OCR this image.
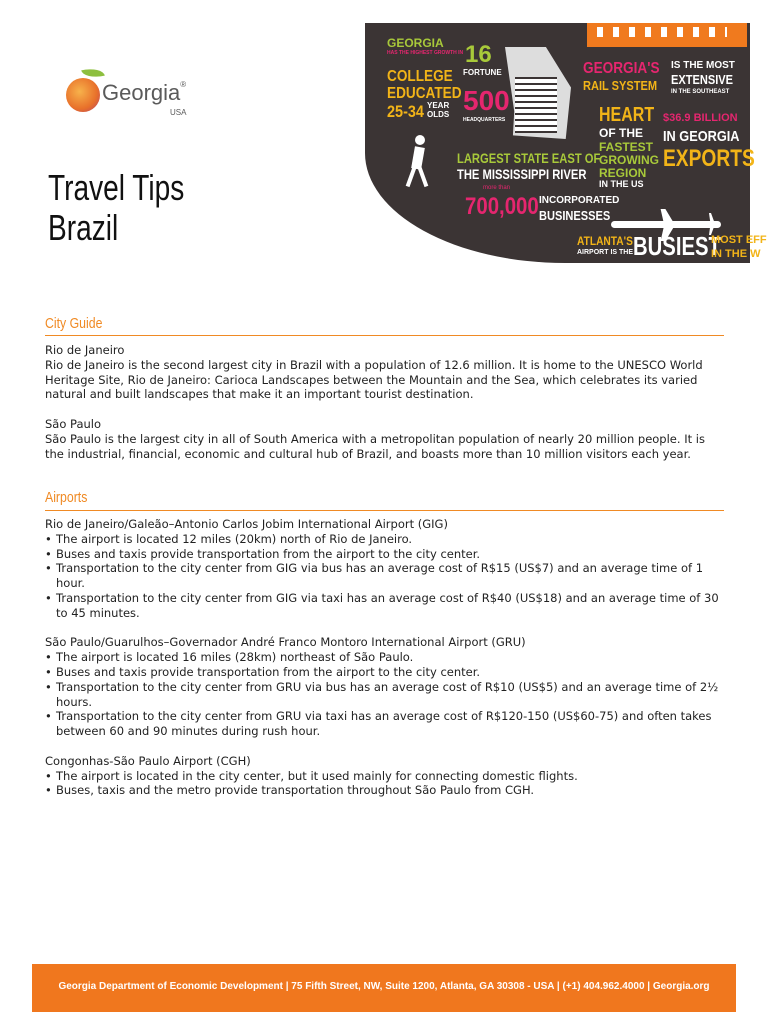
Georgia®
USA
Travel Tips
Brazil
GEORGIA
HAS THE HIGHEST GROWTH IN
COLLEGE
EDUCATED
25-34 YEAR
OLDS
16
FORTUNE
500
HEADQUARTERS
GEORGIA'S
RAIL SYSTEM
IS THE MOST
EXTENSIVE
IN THE SOUTHEAST
HEART
OF THE
FASTEST
GROWING
REGION
IN THE US
$36.9 BILLION
IN GEORGIA
EXPORTS
LARGEST STATE EAST OF
THE MISSISSIPPI RIVER
more than
700,000 INCORPORATED
BUSINESSES
ATLANTA'S
AIRPORT IS THE BUSIEST
MOST EFF
IN THE W
City Guide

Rio de Janeiro

Rio de Janeiro is the second largest city in Brazil with a population of 12.6 million. It is home to the UNESCO World Heritage Site, Rio de Janeiro: Carioca Landscapes between the Mountain and the Sea, which celebrates its varied natural and built landscapes that make it an important tourist destination.

São Paulo

São Paulo is the largest city in all of South America with a metropolitan population of nearly 20 million people. It is the industrial, financial, economic and cultural hub of Brazil, and boasts more than 10 million visitors each year.

Airports

Rio de Janeiro/Galeão–Antonio Carlos Jobim International Airport (GIG)

• The airport is located 12 miles (20km) north of Rio de Janeiro.
• Buses and taxis provide transportation from the airport to the city center.
• Transportation to the city center from GIG via bus has an average cost of R$15 (US$7) and an average time of 1 hour.
• Transportation to the city center from GIG via taxi has an average cost of R$40 (US$18) and an average time of 30 to 45 minutes.

São Paulo/Guarulhos–Governador André Franco Montoro International Airport (GRU)

• The airport is located 16 miles (28km) northeast of São Paulo.
• Buses and taxis provide transportation from the airport to the city center.
• Transportation to the city center from GRU via bus has an average cost of R$10 (US$5) and an average time of 2½ hours.
• Transportation to the city center from GRU via taxi has an average cost of R$120-150 (US$60-75) and often takes between 60 and 90 minutes during rush hour.

Congonhas-São Paulo Airport (CGH)

• The airport is located in the city center, but it used mainly for connecting domestic flights.
• Buses, taxis and the metro provide transportation throughout São Paulo from CGH.
Georgia Department of Economic Development | 75 Fifth Street, NW, Suite 1200, Atlanta, GA 30308 - USA | (+1) 404.962.4000 | Georgia.org
